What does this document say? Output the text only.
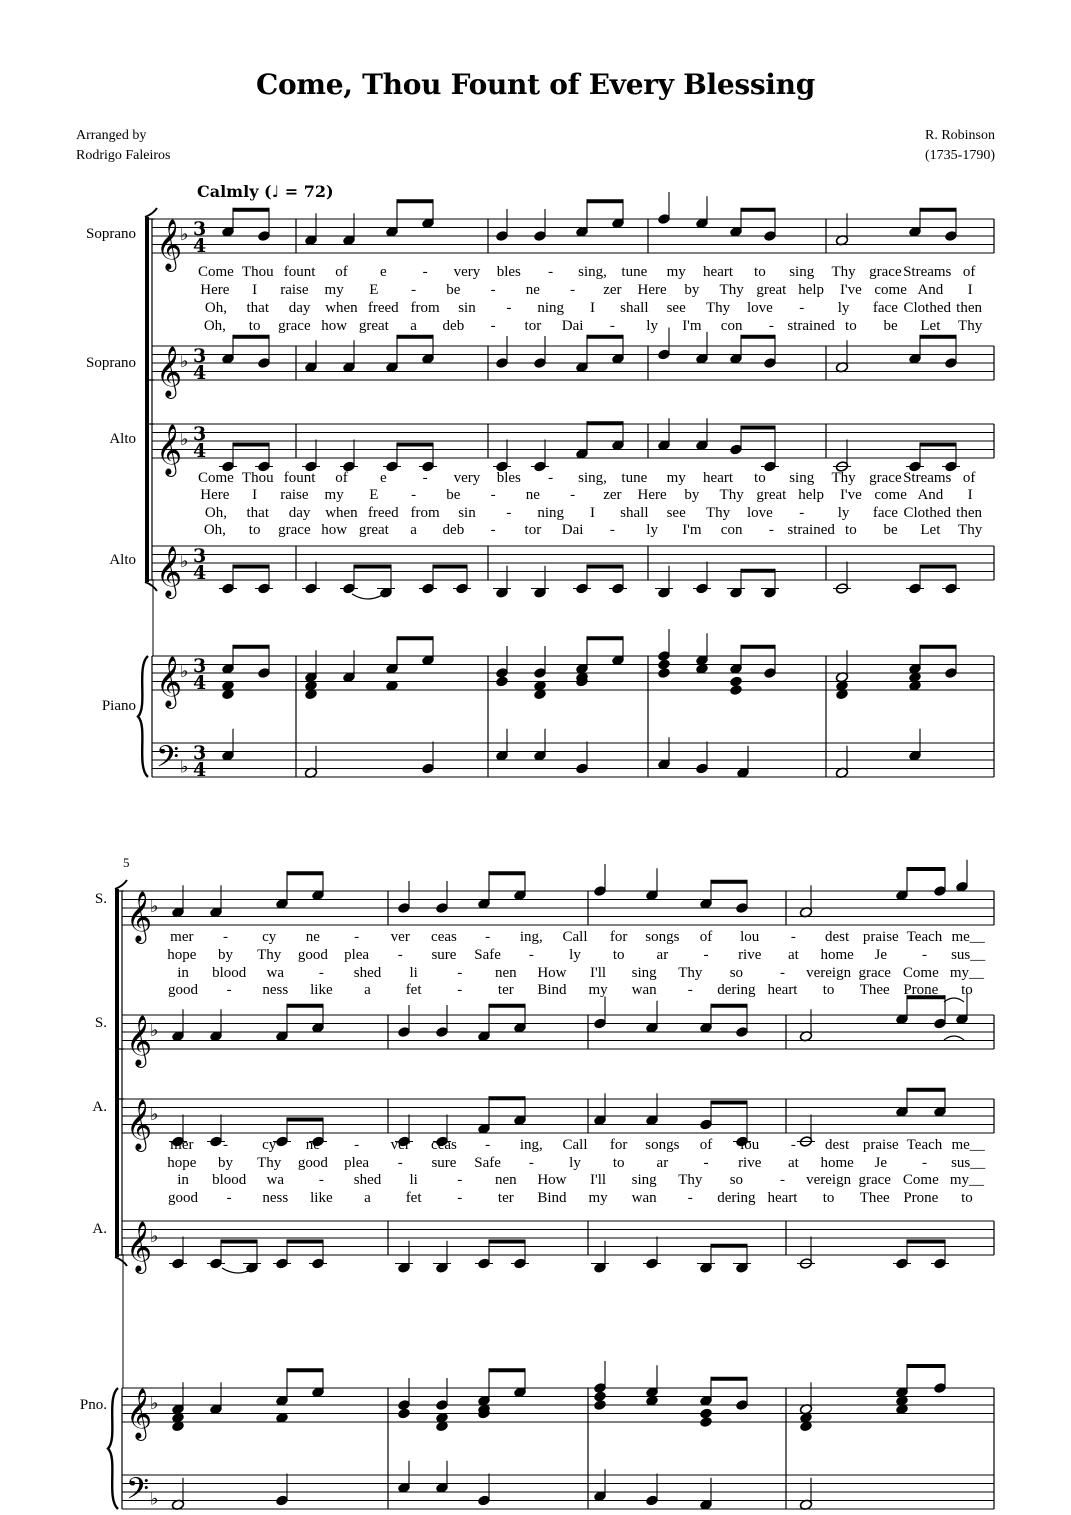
Come, Thou Fount of Every Blessing
Arranged by
Rodrigo Faleiros
R. Robinson
(1735-1790)
Calmly (♩ = 72)
Soprano
Soprano
Alto
Alto
Piano
5
S.
S.
A.
A.
Pno.
𝄞
♭ 3
4
𝄞
♭ 3
4
𝄞
♭ 3
4
𝄞
♭ 3
4
𝄞
♭ 3
4
𝄢 ♭
3
4
𝄞
♭
𝄞
♭
𝄞
♭
𝄞
♭
𝄞
♭
𝄢 ♭
Come Thou fount of e - very bles - sing, tune my heart to sing Thy grace Streams of
Here I raise my E - be - ne - zer Here by Thy great help I've come And I
Oh, that day when freed from sin - ning I shall see Thy love - ly face Clothed then
Oh, to grace how great a deb - tor Dai - ly I'm con - strained to be Let Thy
Come Thou fount of e - very bles - sing, tune my heart to sing Thy grace Streams of
Here I raise my E - be - ne - zer Here by Thy great help I've come And I
Oh, that day when freed from sin - ning I shall see Thy love - ly face Clothed then
Oh, to grace how great a deb - tor Dai - ly I'm con - strained to be Let Thy
mer - cy ne - ver ceas - ing, Call for songs of lou - dest praise Teach me__
hope by Thy good plea - sure Safe - ly to ar - rive at home Je - sus__
in blood wa - shed li	- nen How I'll sing Thy so - vereign grace Come my__
good - ness like a fet - ter Bind my wan - dering heart to Thee Prone to
mer - cy ne - ver ceas - ing, Call for songs of lou - dest praise Teach me__
hope by Thy good plea - sure Safe - ly to ar - rive at home Je - sus__
in blood wa - shed li	- nen How I'll sing Thy so - vereign grace Come my__
good - ness like a fet - ter Bind my wan - dering heart to Thee Prone to
